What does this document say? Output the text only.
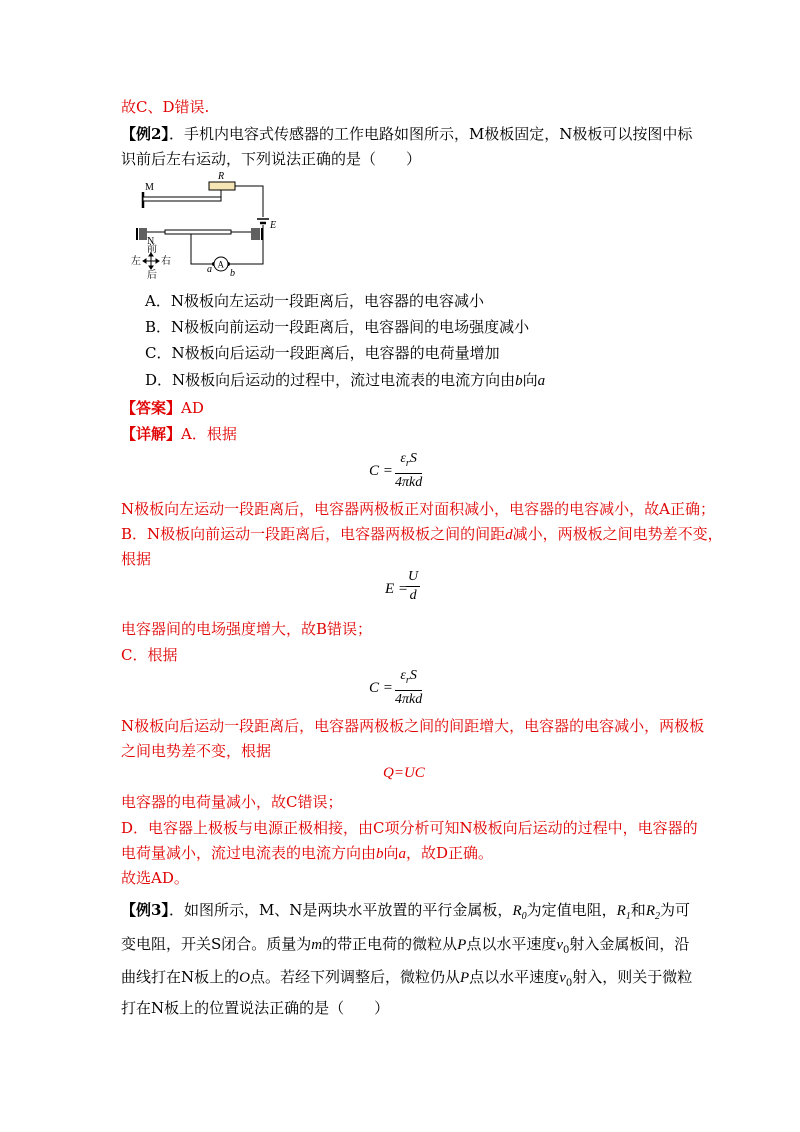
故C、D错误.
【例2】．手机内电容式传感器的工作电路如图所示，M极板固定，N极板可以按图中标
识前后左右运动，下列说法正确的是（　　）
M
R
E
N
前
左 右
后
a b
A
A．N极板向左运动一段距离后，电容器的电容减小
B．N极板向前运动一段距离后，电容器间的电场强度减小
C．N极板向后运动一段距离后，电容器的电荷量增加
D．N极板向后运动的过程中，流过电流表的电流方向由b向a
【答案】AD
【详解】A．根据
C =
$\varepsilon_rS$
4πkd
N极板向左运动一段距离后，电容器两极板正对面积减小，电容器的电容减小，故A正确；
B．N极板向前运动一段距离后，电容器两极板之间的间距d减小，两极板之间电势差不变，
根据
E =
$\frac{U}{d}$
电容器间的电场强度增大，故B错误；
C．根据
C =
$\varepsilon_rS$
4πkd
N极板向后运动一段距离后，电容器两极板之间的间距增大，电容器的电容减小，两极板
之间电势差不变，根据
Q=UC
电容器的电荷量减小，故C错误；
D．电容器上极板与电源正极相接，由C项分析可知N极板向后运动的过程中，电容器的
电荷量减小，流过电流表的电流方向由b向a，故D正确。
故选AD。
【例3】．如图所示，M、N是两块水平放置的平行金属板，$R_0$为定值电阻，$R_1$和$R_2$为可
变电阻，开关S闭合。质量为m的带正电荷的微粒从P点以水平速度$v_0$射入金属板间，沿
曲线打在N板上的O点。若经下列调整后，微粒仍从P点以水平速度$v_0$射入，则关于微粒
打在N板上的位置说法正确的是（　　）
